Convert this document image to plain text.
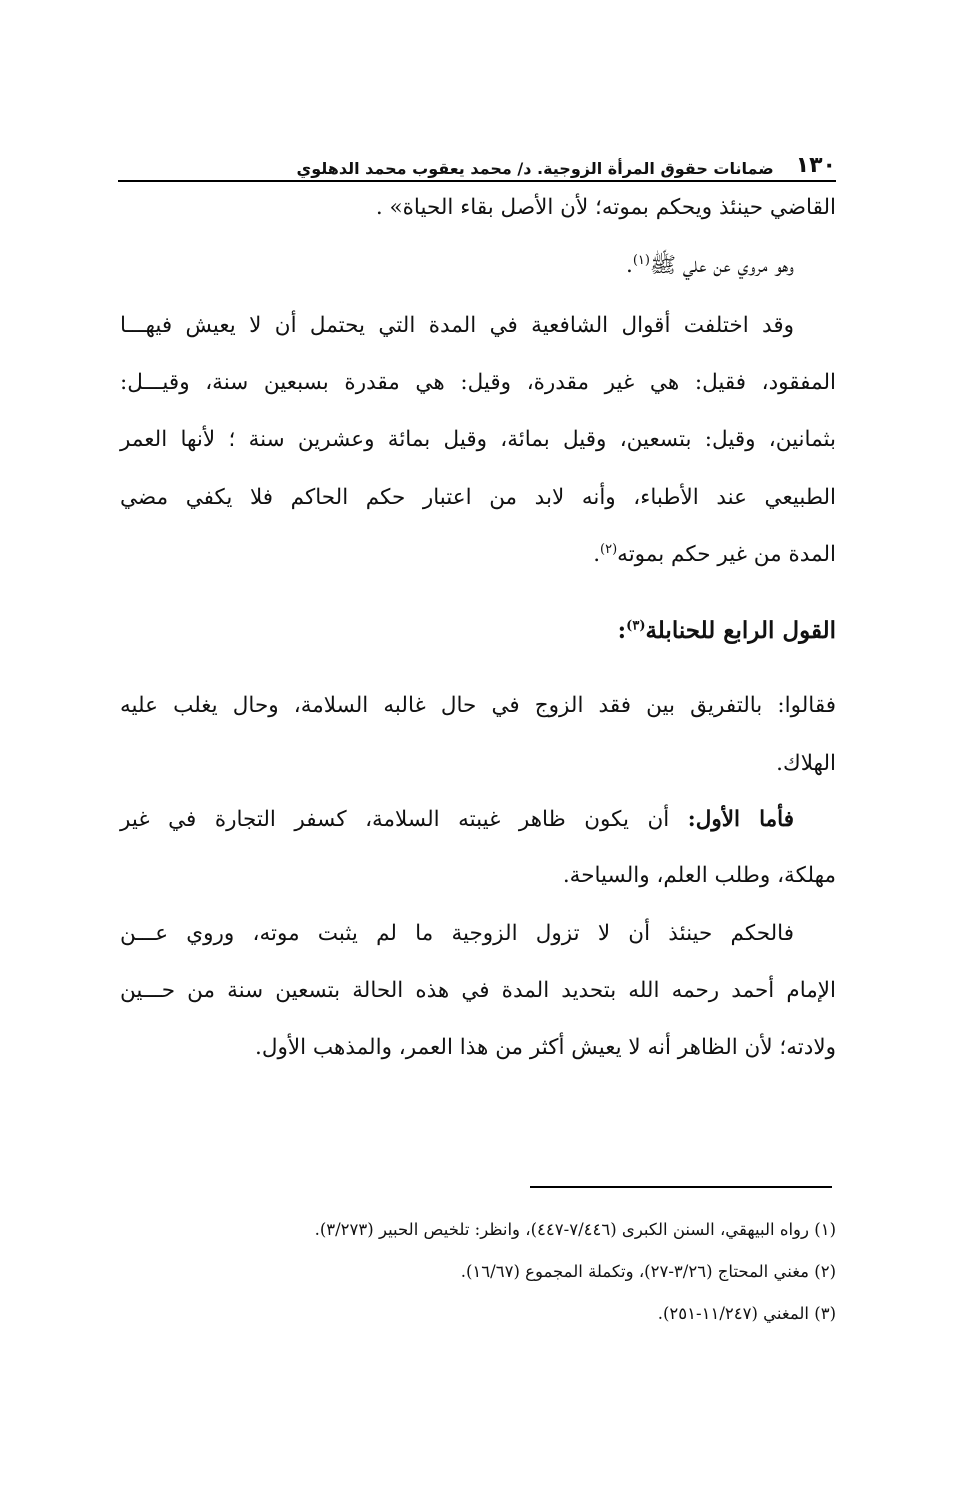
١٣٠
ضمانات حقوق المرأة الزوجية. د/ محمد يعقوب محمد الدهلوي
القاضي حينئذ ويحكم بموته؛ لأن الأصل بقاء الحياة» .
وهو مروي عن علي ﷺ$^{(١)}$.
وقد اختلفت أقوال الشافعية في المدة التي يحتمل أن لا يعيش فيهـــا
المفقود، فقيل: هي غير مقدرة، وقيل: هي مقدرة بسبعين سنة، وقيـــل:
بثمانين، وقيل: بتسعين، وقيل بمائة، وقيل بمائة وعشرين سنة ؛ لأنها العمر
الطبيعي عند الأطباء، وأنه لابد من اعتبار حكم الحاكم فلا يكفي مضي
المدة من غير حكم بموته$^{(٢)}$.
القول الرابع للحنابلة$^{(٣)}$:
فقالوا: بالتفريق بين فقد الزوج في حال غالبه السلامة، وحال يغلب عليه
الهلاك.
فأما الأول: أن يكون ظاهر غيبته السلامة، كسفر التجارة في غير
مهلكة، وطلب العلم، والسياحة.
فالحكم حينئذ أن لا تزول الزوجية ما لم يثبت موته، وروي عـــن
الإمام أحمد رحمه الله بتحديد المدة في هذه الحالة بتسعين سنة من حـــين
ولادته؛ لأن الظاهر أنه لا يعيش أكثر من هذا العمر، والمذهب الأول.
(١) رواه البيهقي، السنن الكبرى (٧/٤٤٦-٤٤٧)، وانظر: تلخيص الحبير (٣/٢٧٣).
(٢) مغني المحتاج (٣/٢٦-٢٧)، وتكملة المجموع (١٦/٦٧).
(٣) المغني (١١/٢٤٧-٢٥١).
